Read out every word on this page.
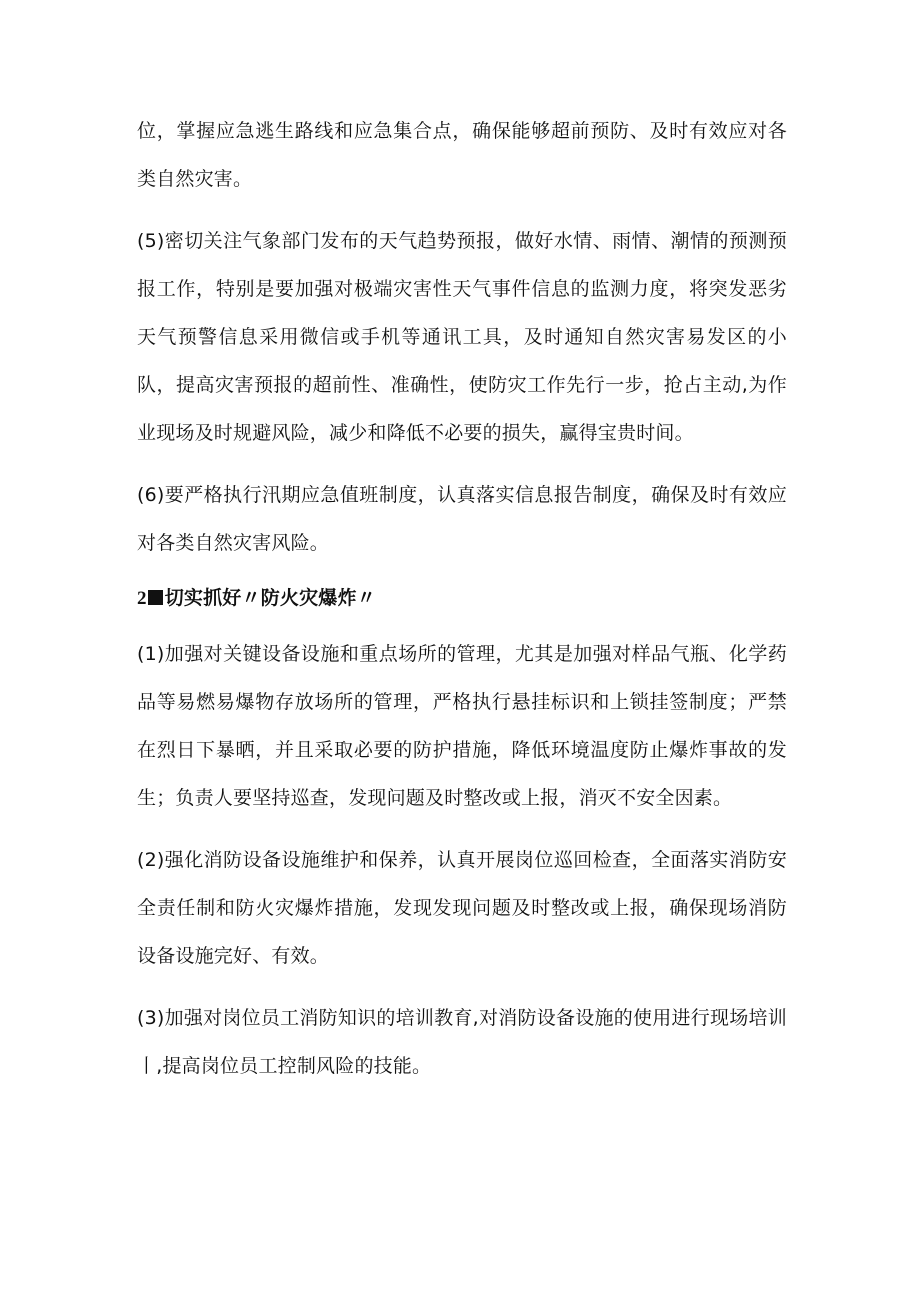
位，掌握应急逃生路线和应急集合点，确保能够超前预防、及时有效应对各类自然灾害。

(5)密切关注气象部门发布的天气趋势预报，做好水情、雨情、潮情的预测预报工作，特别是要加强对极端灾害性天气事件信息的监测力度，将突发恶劣天气预警信息采用微信或手机等通讯工具，及时通知自然灾害易发区的小队，提高灾害预报的超前性、准确性，使防灾工作先行一步，抢占主动,为作业现场及时规避风险，减少和降低不必要的损失，赢得宝贵时间。

(6)要严格执行汛期应急值班制度，认真落实信息报告制度，确保及时有效应对各类自然灾害风险。

2 切实抓好〃防火灾爆炸〃

(1)加强对关键设备设施和重点场所的管理，尤其是加强对样品气瓶、化学药品等易燃易爆物存放场所的管理，严格执行悬挂标识和上锁挂签制度；严禁在烈日下暴晒，并且采取必要的防护措施，降低环境温度防止爆炸事故的发生；负责人要坚持巡查，发现问题及时整改或上报，消灭不安全因素。

(2)强化消防设备设施维护和保养，认真开展岗位巡回检查，全面落实消防安全责任制和防火灾爆炸措施，发现发现问题及时整改或上报，确保现场消防设备设施完好、有效。

(3)加强对岗位员工消防知识的培训教育,对消防设备设施的使用进行现场培训丨,提高岗位员工控制风险的技能。
